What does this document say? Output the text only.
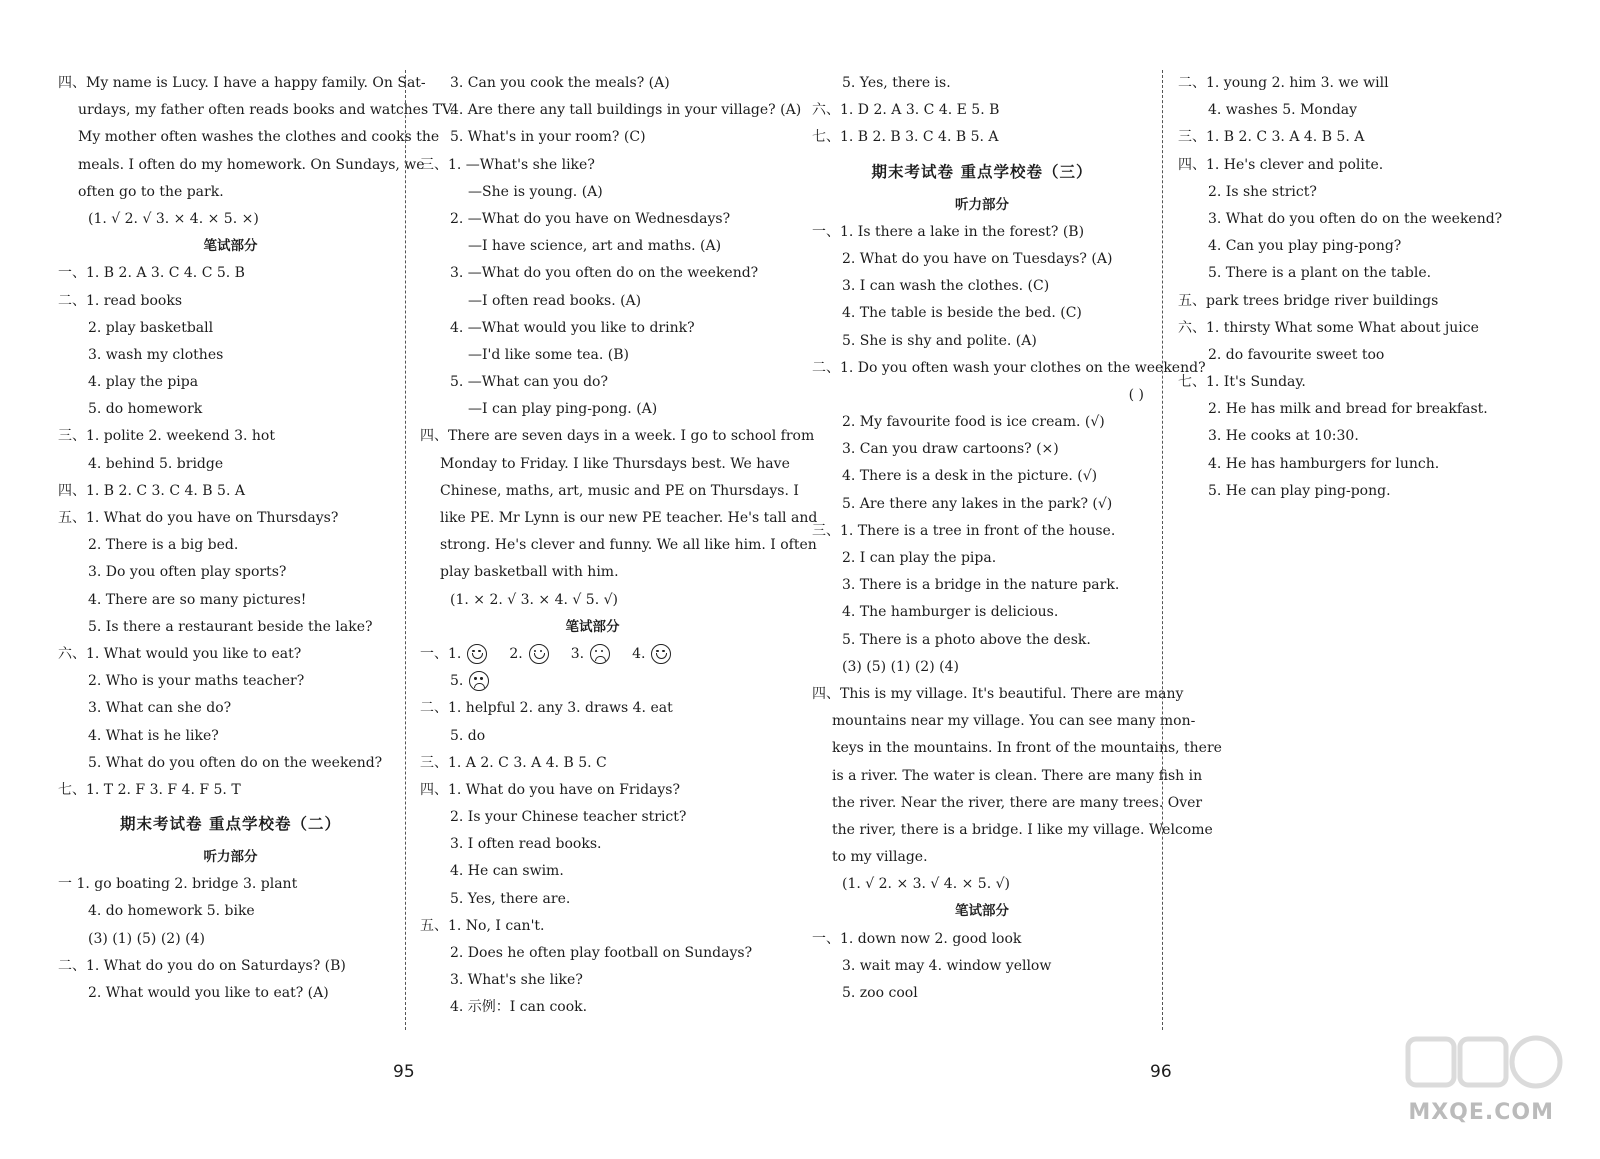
四、My name is Lucy. I have a happy family. On Sat-
urdays, my father often reads books and watches TV.
My mother often washes the clothes and cooks the
meals. I often do my homework. On Sundays, we
often go to the park.
(1. √ 2. √ 3. × 4. × 5. ×)
笔试部分
一、1. B 2. A 3. C 4. C 5. B
二、1. read books
2. play basketball
3. wash my clothes
4. play the pipa
5. do homework
三、1. polite 2. weekend 3. hot
4. behind 5. bridge
四、1. B 2. C 3. C 4. B 5. A
五、1. What do you have on Thursdays?
2. There is a big bed.
3. Do you often play sports?
4. There are so many pictures!
5. Is there a restaurant beside the lake?
六、1. What would you like to eat?
2. Who is your maths teacher?
3. What can she do?
4. What is he like?
5. What do you often do on the weekend?
七、1. T 2. F 3. F 4. F 5. T
期末考试卷 重点学校卷（二）
听力部分
一 1. go boating 2. bridge 3. plant
4. do homework 5. bike
(3) (1) (5) (2) (4)
二、1. What do you do on Saturdays? (B)
2. What would you like to eat? (A)
3. Can you cook the meals? (A)
4. Are there any tall buildings in your village? (A)
5. What's in your room? (C)
三、1. —What's she like?
—She is young. (A)
2. —What do you have on Wednesdays?
—I have science, art and maths. (A)
3. —What do you often do on the weekend?
—I often read books. (A)
4. —What would you like to drink?
—I'd like some tea. (B)
5. —What can you do?
—I can play ping-pong. (A)
四、There are seven days in a week. I go to school from
Monday to Friday. I like Thursdays best. We have
Chinese, maths, art, music and PE on Thursdays. I
like PE. Mr Lynn is our new PE teacher. He's tall and
strong. He's clever and funny. We all like him. I often
play basketball with him.
(1. × 2. √ 3. × 4. √ 5. √)
笔试部分
一、1.	2.	3.	4.
5.
二、1. helpful 2. any 3. draws 4. eat
5. do
三、1. A 2. C 3. A 4. B 5. C
四、1. What do you have on Fridays?
2. Is your Chinese teacher strict?
3. I often read books.
4. He can swim.
5. Yes, there are.
五、1. No, I can't.
2. Does he often play football on Sundays?
3. What's she like?
4. 示例：I can cook.
5. Yes, there is.
六、1. D 2. A 3. C 4. E 5. B
七、1. B 2. B 3. C 4. B 5. A
期末考试卷 重点学校卷（三）
听力部分
一、1. Is there a lake in the forest? (B)
2. What do you have on Tuesdays? (A)
3. I can wash the clothes. (C)
4. The table is beside the bed. (C)
5. She is shy and polite. (A)
二、1. Do you often wash your clothes on the weekend?
( )
2. My favourite food is ice cream. (√)
3. Can you draw cartoons? (×)
4. There is a desk in the picture. (√)
5. Are there any lakes in the park? (√)
三、1. There is a tree in front of the house.
2. I can play the pipa.
3. There is a bridge in the nature park.
4. The hamburger is delicious.
5. There is a photo above the desk.
(3) (5) (1) (2) (4)
四、This is my village. It's beautiful. There are many
mountains near my village. You can see many mon-
keys in the mountains. In front of the mountains, there
is a river. The water is clean. There are many fish in
the river. Near the river, there are many trees. Over
the river, there is a bridge. I like my village. Welcome
to my village.
(1. √ 2. × 3. √ 4. × 5. √)
笔试部分
一、1. down now 2. good look
3. wait may 4. window yellow
5. zoo cool
二、1. young 2. him 3. we will
4. washes 5. Monday
三、1. B 2. C 3. A 4. B 5. A
四、1. He's clever and polite.
2. Is she strict?
3. What do you often do on the weekend?
4. Can you play ping-pong?
5. There is a plant on the table.
五、park trees bridge river buildings
六、1. thirsty What some What about juice
2. do favourite sweet too
七、1. It's Sunday.
2. He has milk and bread for breakfast.
3. He cooks at 10:30.
4. He has hamburgers for lunch.
5. He can play ping-pong.
95	96
MXQE.COM
